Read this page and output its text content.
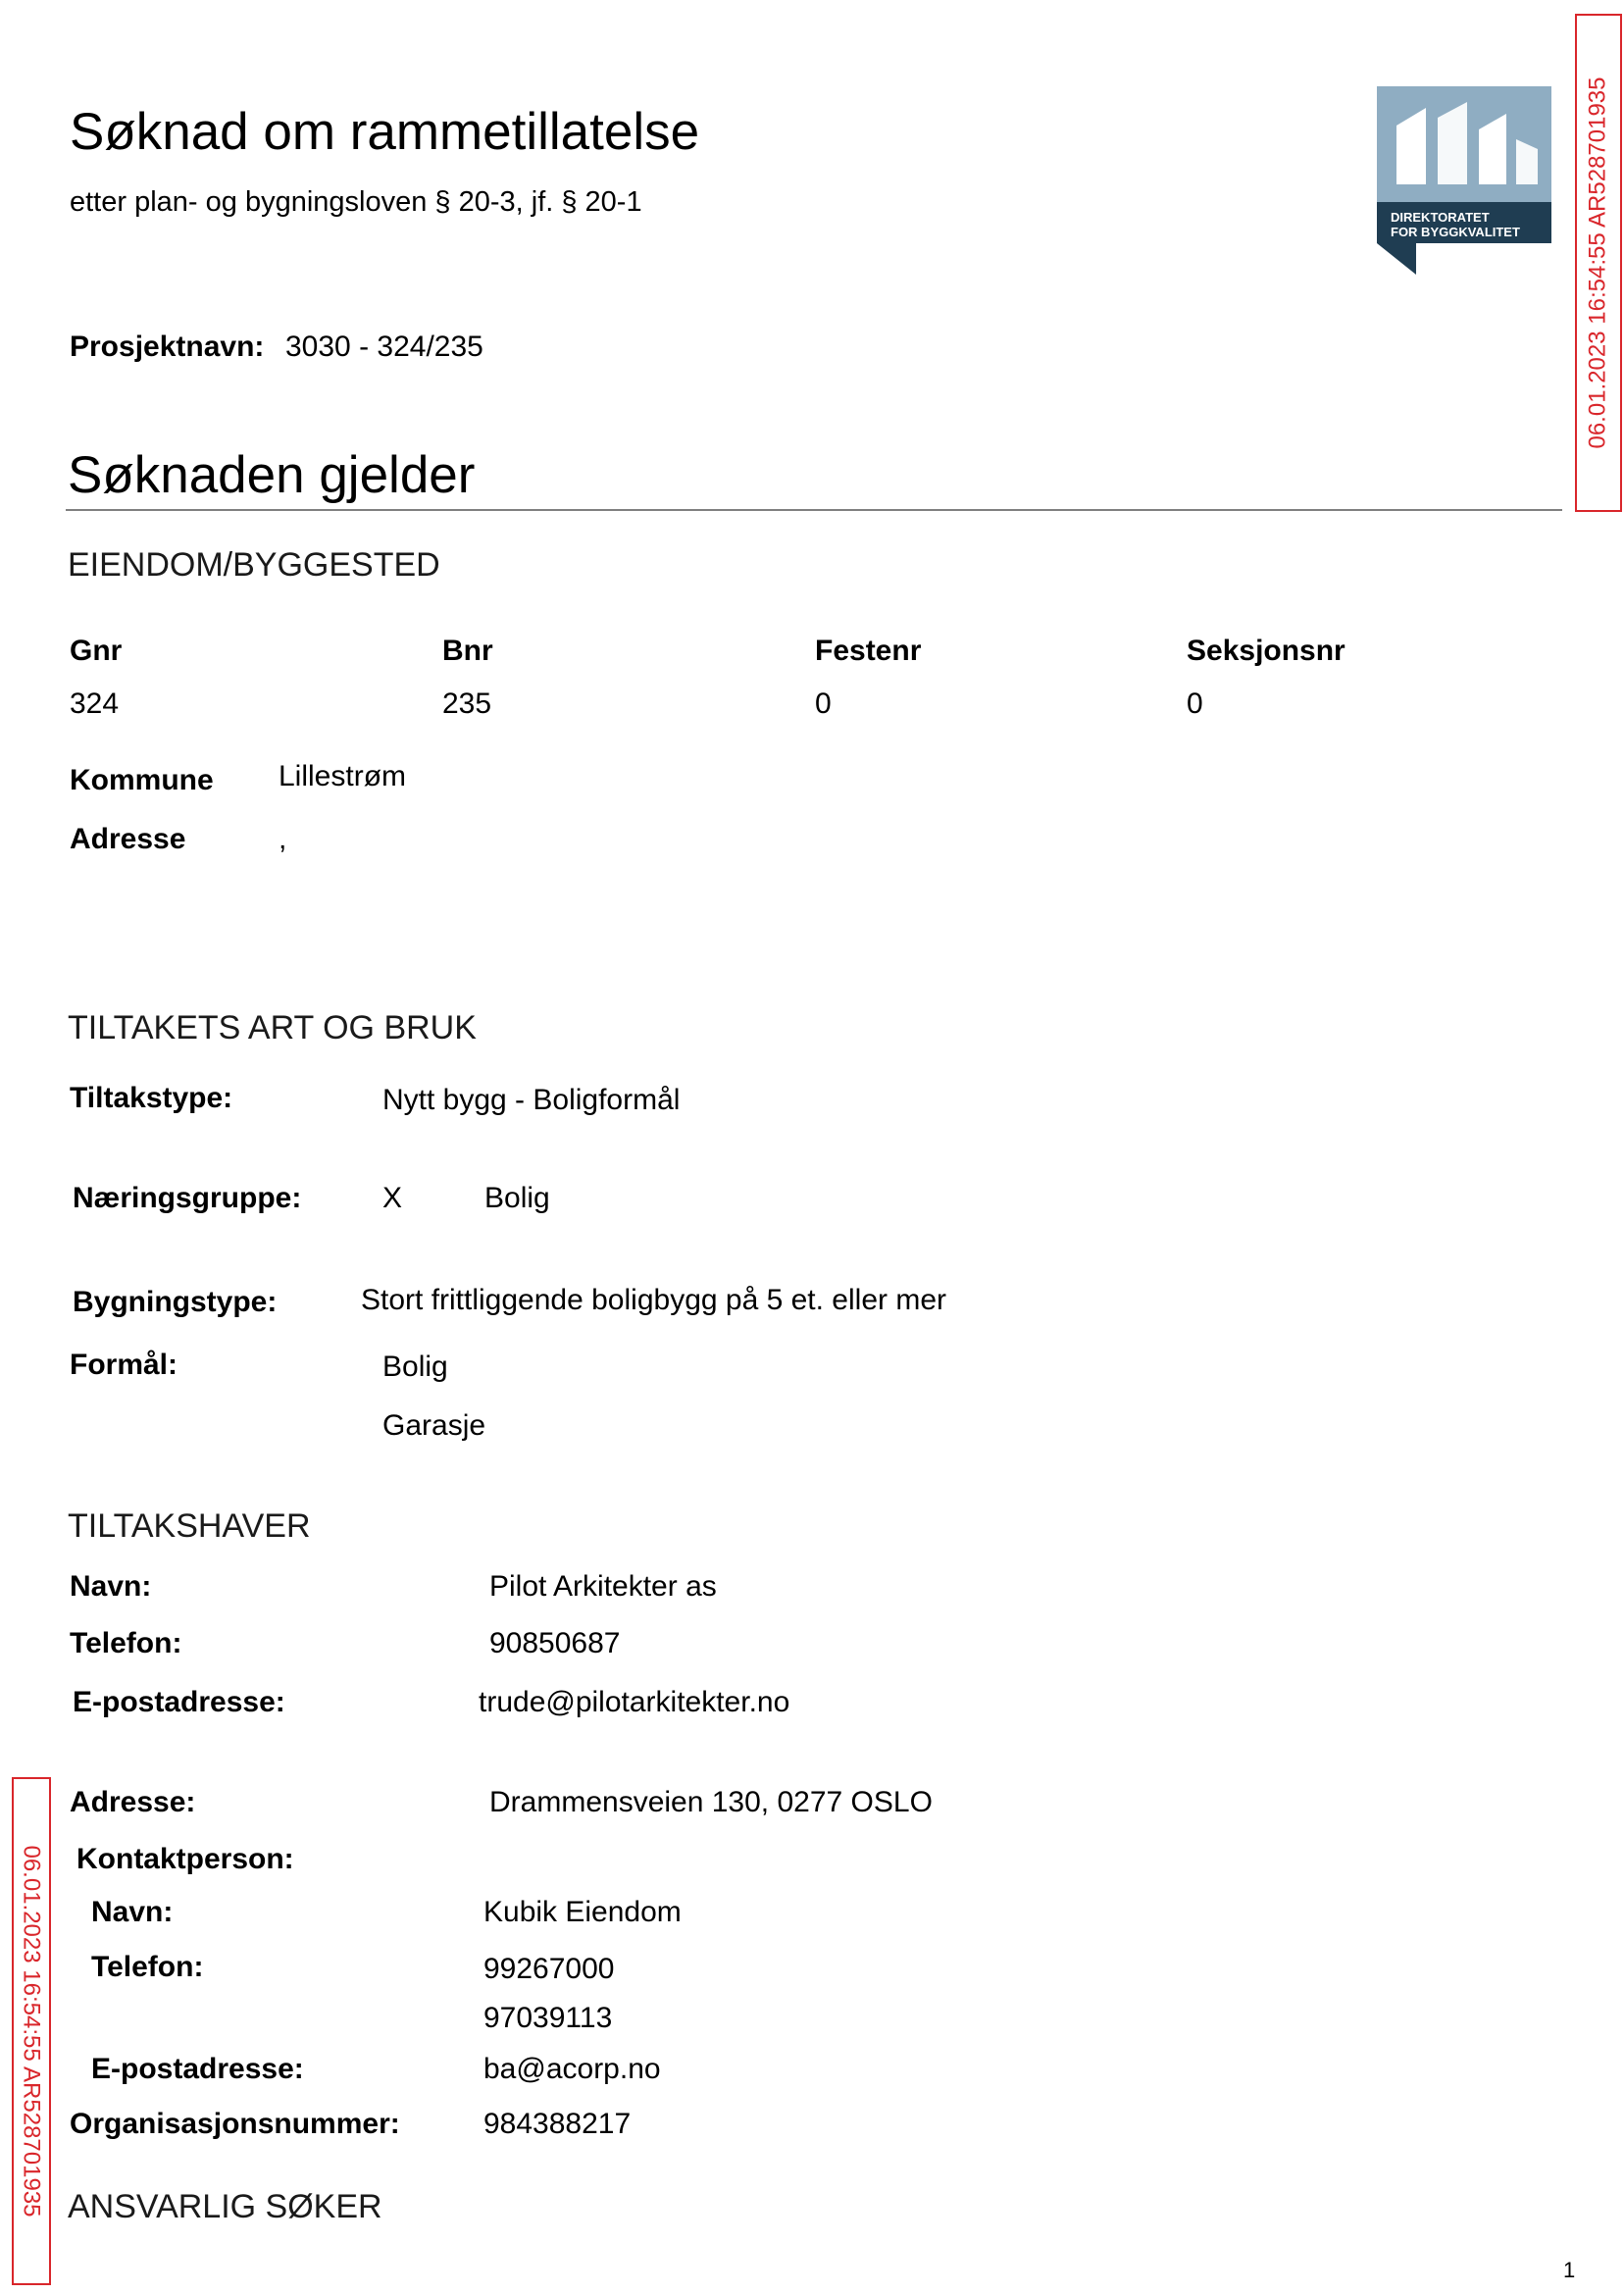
Søknad om rammetillatelse
etter plan- og bygningsloven § 20-3, jf. § 20-1	DIREKTORATET
FOR BYGGKVALITET	06.01.2023 16:54:55 AR528701935
06.01.2023 16:54:55 AR528701935
Prosjektnavn: 3030 - 324/235
Søknaden gjelder
EIENDOM/BYGGESTED
Gnr	Bnr	Festenr	Seksjonsnr
324	235	0	0
Kommune Lillestrøm
Adresse	,
TILTAKETS ART OG BRUK
Tiltakstype:	Nytt bygg - Boligformål
Næringsgruppe:	X	Bolig
Bygningstype:	Stort frittliggende boligbygg på 5 et. eller mer
Formål:	Bolig
Garasje
TILTAKSHAVER
Navn:	Pilot Arkitekter as
Telefon:	90850687
E-postadresse:	trude@pilotarkitekter.no
Adresse:	Drammensveien 130, 0277 OSLO
Kontaktperson:
Navn:	Kubik Eiendom
Telefon:	99267000
97039113
E-postadresse:	ba@acorp.no
Organisasjonsnummer:	984388217
ANSVARLIG SØKER
1
